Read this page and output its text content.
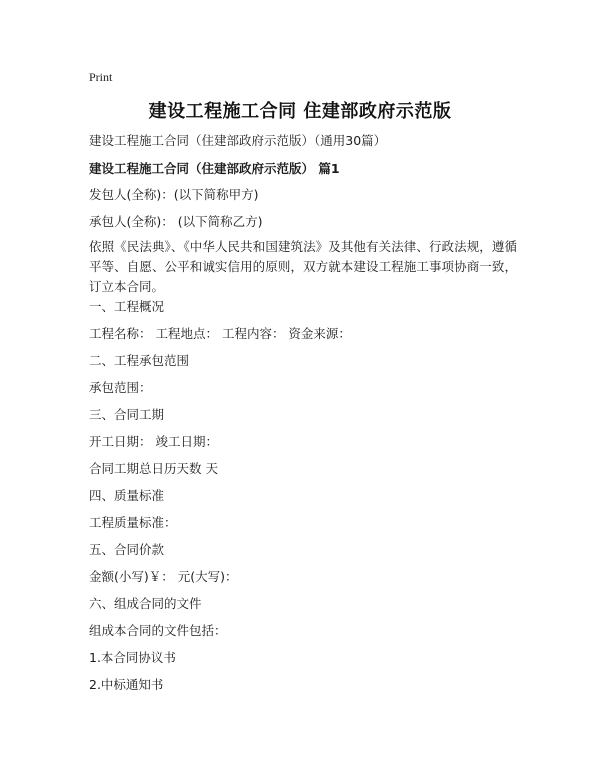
Print
建设工程施工合同 住建部政府示范版
建设工程施工合同（住建部政府示范版）（通用30篇）
建设工程施工合同（住建部政府示范版） 篇1
发包人(全称)：(以下简称甲方)
承包人(全称)： (以下简称乙方)
依照《民法典》、《中华人民共和国建筑法》及其他有关法律、行政法规，遵循平等、自愿、公平和诚实信用的原则，双方就本建设工程施工事项协商一致，订立本合同。
一、工程概况
工程名称： 工程地点： 工程内容： 资金来源：
二、工程承包范围
承包范围：
三、合同工期
开工日期： 竣工日期：
合同工期总日历天数 天
四、质量标准
工程质量标准：
五、合同价款
金额(小写)￥： 元(大写)：
六、组成合同的文件
组成本合同的文件包括：
1.本合同协议书
2.中标通知书
